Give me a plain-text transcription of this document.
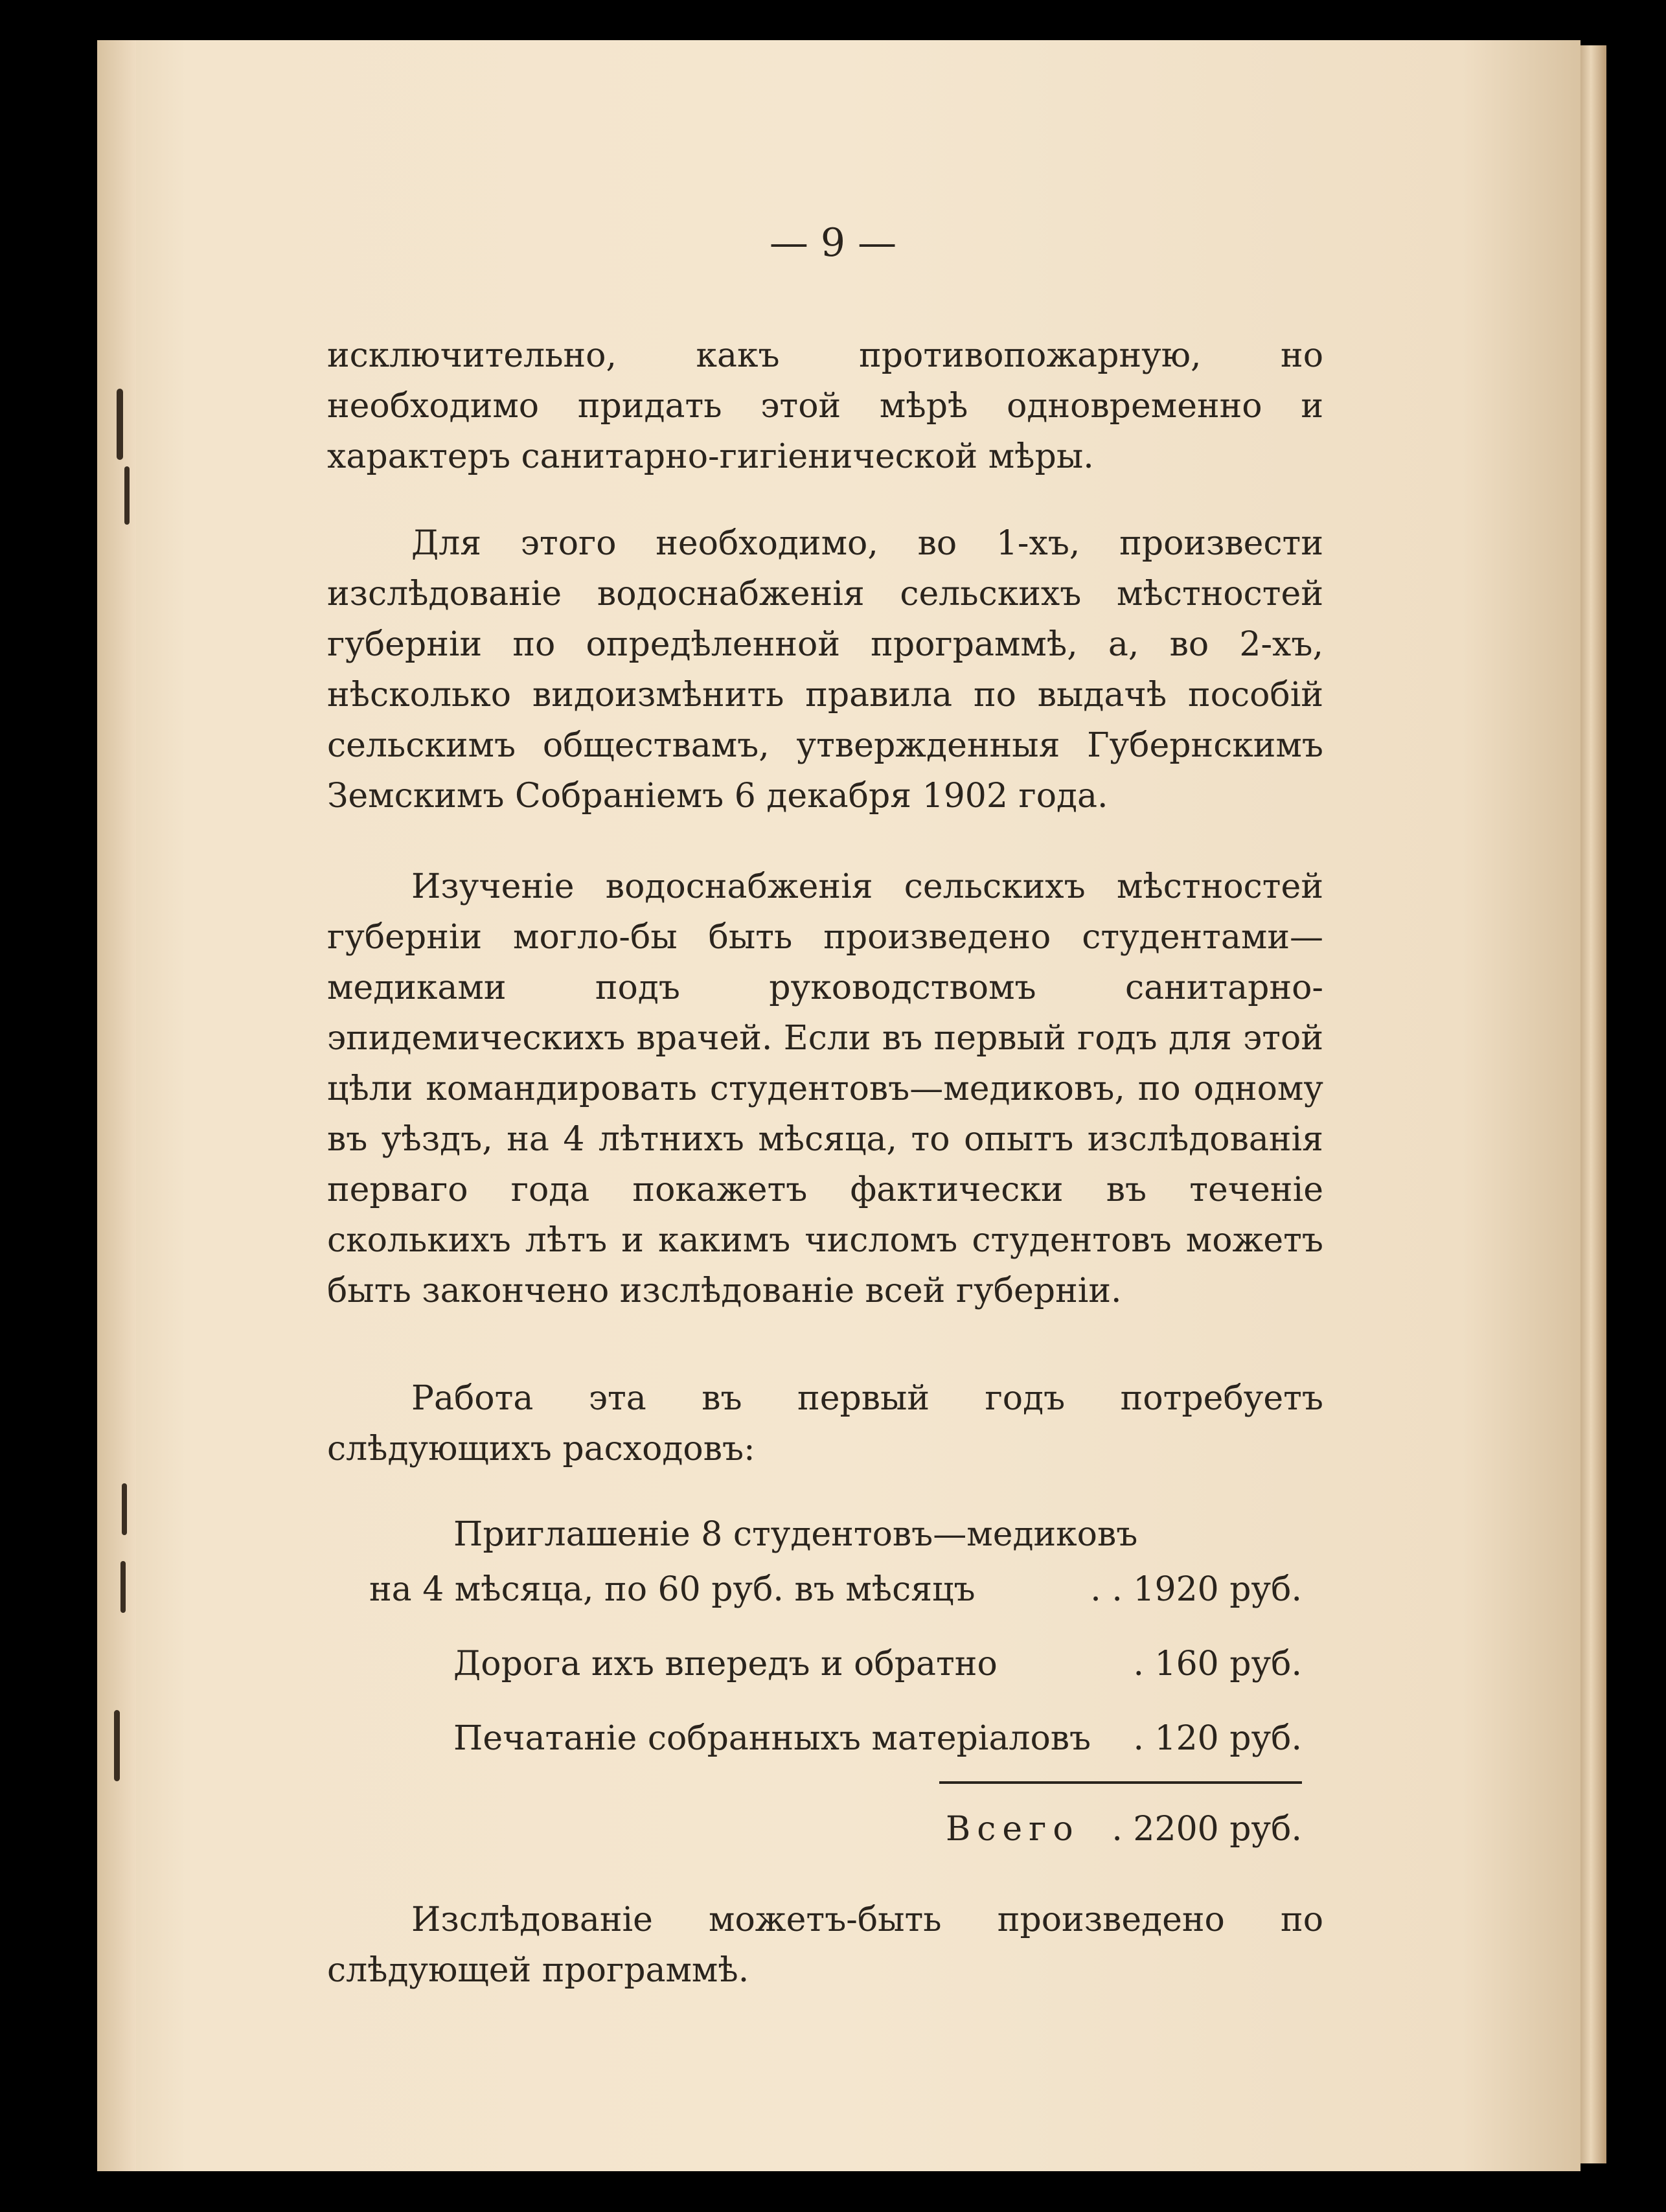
— 9 —

исключительно, какъ противопожарную, но необходимо придать этой мѣрѣ одновременно и характеръ санитарно-гигіенической мѣры.

Для этого необходимо, во 1-хъ, произвести изслѣдованіе водоснабженія сельскихъ мѣстностей губерніи по опредѣленной программѣ, а, во 2-хъ, нѣсколько видоизмѣнить правила по выдачѣ пособій сельскимъ обществамъ, утвержденныя Губернскимъ Земскимъ Собраніемъ 6 декабря 1902 года.

Изученіе водоснабженія сельскихъ мѣстностей губерніи могло-бы быть произведено студентами—медиками подъ руководствомъ санитарно-эпидемическихъ врачей. Если въ первый годъ для этой цѣли командировать студентовъ—медиковъ, по одному въ уѣздъ, на 4 лѣтнихъ мѣсяца, то опытъ изслѣдованія перваго года покажетъ фактически въ теченіе сколькихъ лѣтъ и какимъ числомъ студентовъ можетъ быть закончено изслѣдованіе всей губерніи.

Работа эта въ первый годъ потребуетъ слѣдующихъ расходовъ:

Приглашеніе 8 студентовъ—медиковъ
на 4 мѣсяца, по 60 руб. въ мѣсяцъ	. . 1920 руб.
Дорога ихъ впередъ и обратно	. 160 руб.
Печатаніе собранныхъ матеріаловъ . 120 руб.
Всего . 2200 руб.

Изслѣдованіе можетъ-быть произведено по слѣдующей программѣ.
